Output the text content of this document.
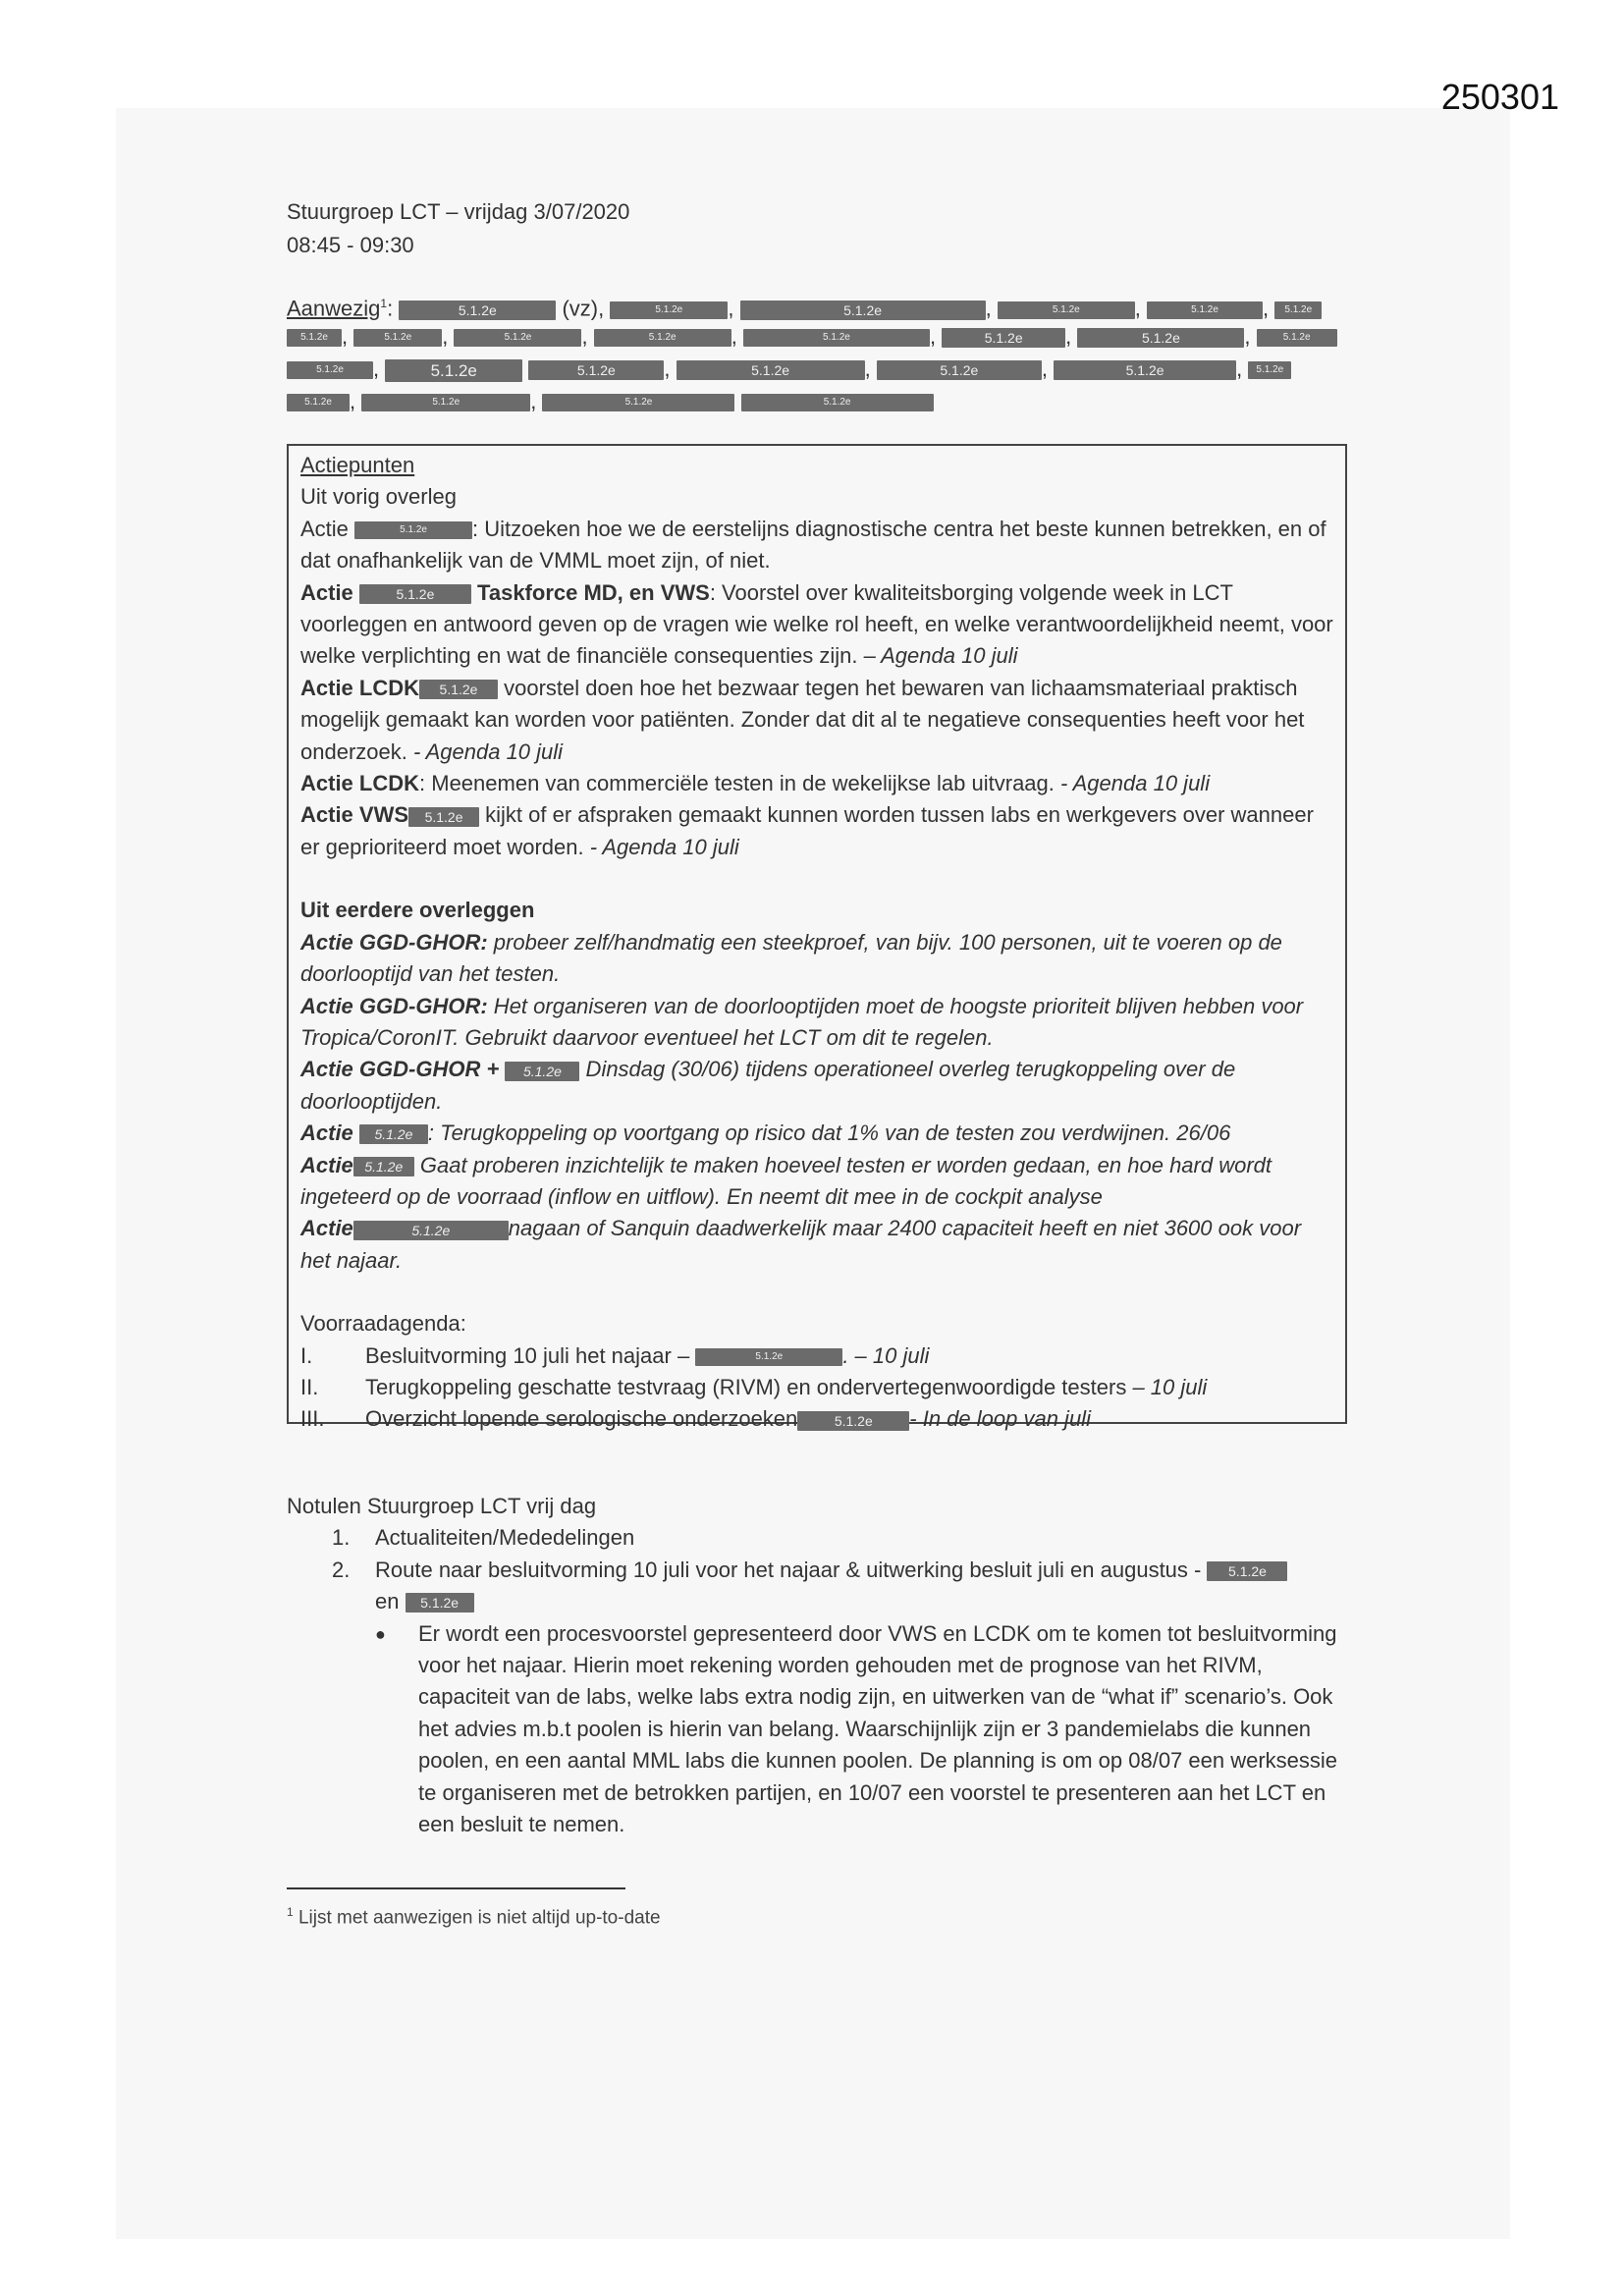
250301
Stuurgroep LCT – vrijdag 3/07/2020
08:45 - 09:30
Aanwezig$^1$:	5.1.2e	(vz),	5.1.2e ,	5.1.2e	,	5.1.2e	,	5.1.2e , 5.1.2e
5.1.2e ,	5.1.2e ,	5.1.2e ,	5.1.2e	,	5.1.2e	,	5.1.2e ,	5.1.2e	,	5.1.2e
5.1.2e ,	5.1.2e	5.1.2e ,	5.1.2e	,	5.1.2e	,	5.1.2e	, 5.1.2e
5.1.2e ,	5.1.2e	,	5.1.2e	5.1.2e

Actiepunten

Uit vorig overleg

Actie	5.1.2e : Uitzoeken hoe we de eerstelijns diagnostische centra het beste kunnen betrekken, en of dat onafhankelijk van de VMML moet zijn, of niet.

Actie	5.1.2e Taskforce MD, en VWS: Voorstel over kwaliteitsborging volgende week in LCT voorleggen en antwoord geven op de vragen wie welke rol heeft, en welke verantwoordelijkheid neemt, voor welke verplichting en wat de financiële consequenties zijn. – Agenda 10 juli

Actie LCDK 5.1.2e voorstel doen hoe het bezwaar tegen het bewaren van lichaamsmateriaal praktisch mogelijk gemaakt kan worden voor patiënten. Zonder dat dit al te negatieve consequenties heeft voor het onderzoek. - Agenda 10 juli

Actie LCDK: Meenemen van commerciële testen in de wekelijkse lab uitvraag. - Agenda 10 juli

Actie VWS 5.1.2e kijkt of er afspraken gemaakt kunnen worden tussen labs en werkgevers over wanneer er geprioriteerd moet worden. - Agenda 10 juli

Uit eerdere overleggen

Actie GGD-GHOR: probeer zelf/handmatig een steekproef, van bijv. 100 personen, uit te voeren op de doorlooptijd van het testen.

Actie GGD-GHOR: Het organiseren van de doorlooptijden moet de hoogste prioriteit blijven hebben voor Tropica/CoronIT. Gebruikt daarvoor eventueel het LCT om dit te regelen.

Actie GGD-GHOR + 5.1.2e Dinsdag (30/06) tijdens operationeel overleg terugkoppeling over de doorlooptijden.

Actie 5.1.2e : Terugkoppeling op voortgang op risico dat 1% van de testen zou verdwijnen. 26/06

Actie 5.1.2e Gaat proberen inzichtelijk te maken hoeveel testen er worden gedaan, en hoe hard wordt ingeteerd op de voorraad (inflow en uitflow). En neemt dit mee in de cockpit analyse

Actie	5.1.2e	nagaan of Sanquin daadwerkelijk maar 2400 capaciteit heeft en niet 3600 ook voor het najaar.

Voorraadagenda:

I.	Besluitvorming 10 juli het najaar –	5.1.2e	. – 10 juli
II.	Terugkoppeling geschatte testvraag (RIVM) en ondervertegenwoordigde testers – 10 juli
III.	Overzicht lopende serologische onderzoeken	5.1.2e - In de loop van juli

Notulen Stuurgroep LCT vrij dag

1.	Actualiteiten/Mededelingen
2.	Route naar besluitvorming 10 juli voor het najaar & uitwerking besluit juli en augustus - 5.1.2e
en 5.1.2e
●	Er wordt een procesvoorstel gepresenteerd door VWS en LCDK om te komen tot besluitvorming voor het najaar. Hierin moet rekening worden gehouden met de prognose van het RIVM, capaciteit van de labs, welke labs extra nodig zijn, en uitwerken van de “what if” scenario’s. Ook het advies m.b.t poolen is hierin van belang. Waarschijnlijk zijn er 3 pandemielabs die kunnen poolen, en een aantal MML labs die kunnen poolen. De planning is om op 08/07 een werksessie te organiseren met de betrokken partijen, en 10/07 een voorstel te presenteren aan het LCT en een besluit te nemen.
$^1$ Lijst met aanwezigen is niet altijd up-to-date
